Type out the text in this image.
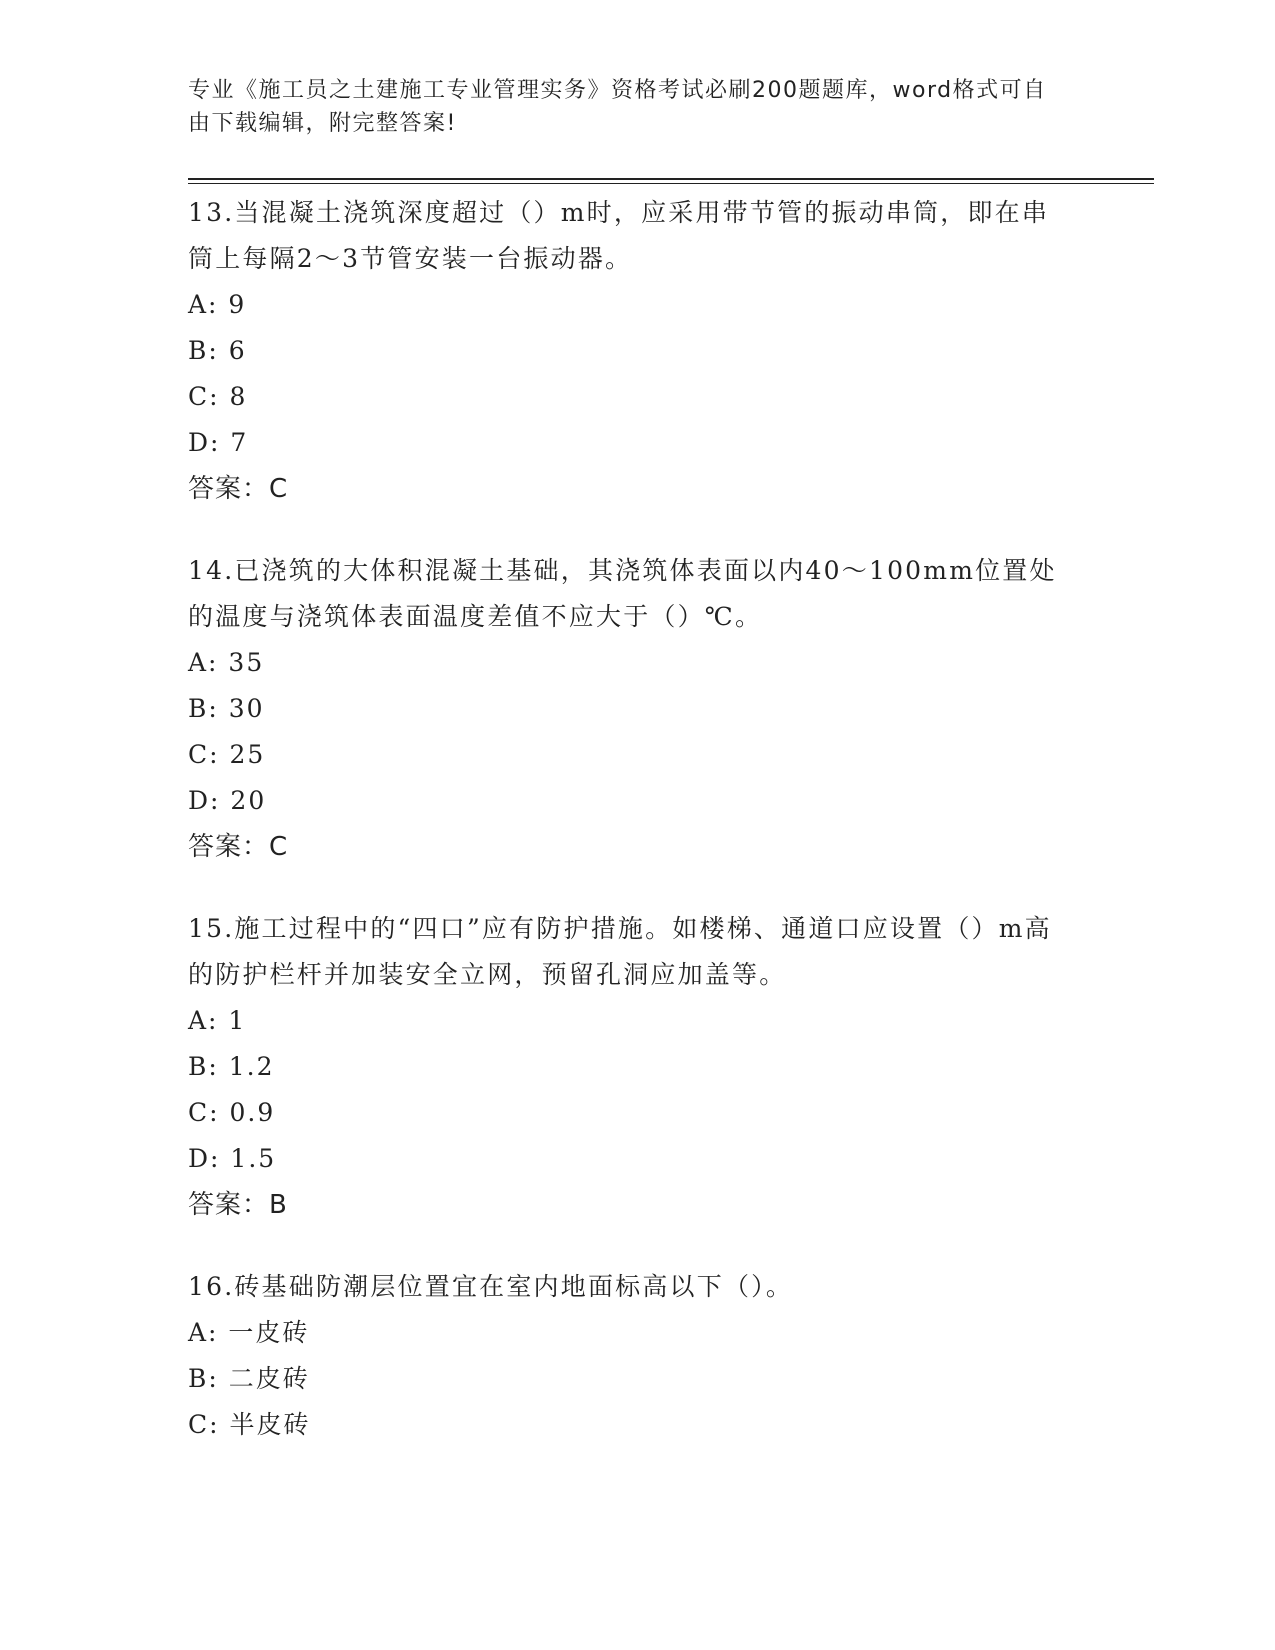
专业《施工员之土建施工专业管理实务》资格考试必刷200题题库，word格式可自由下载编辑，附完整答案!
13.当混凝土浇筑深度超过（）m时，应采用带节管的振动串筒，即在串筒上每隔2～3节管安装一台振动器。
A: 9
B: 6
C: 8
D: 7
答案：C
14.已浇筑的大体积混凝土基础，其浇筑体表面以内40～100mm位置处的温度与浇筑体表面温度差值不应大于（）℃。
A: 35
B: 30
C: 25
D: 20
答案：C
15.施工过程中的“四口”应有防护措施。如楼梯、通道口应设置（）m高的防护栏杆并加装安全立网，预留孔洞应加盖等。
A: 1
B: 1.2
C: 0.9
D: 1.5
答案：B
16.砖基础防潮层位置宜在室内地面标高以下（）。
A: 一皮砖
B: 二皮砖
C: 半皮砖
